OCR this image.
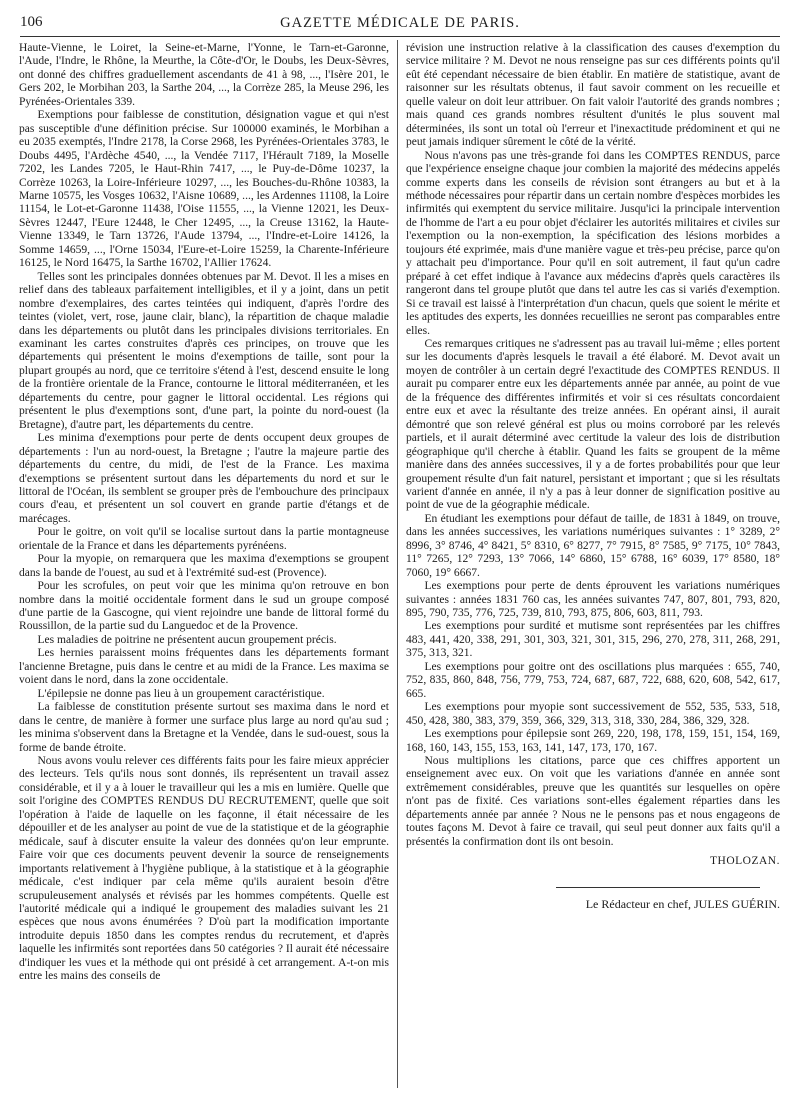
106	GAZETTE MÉDICALE DE PARIS.

Haute-Vienne, le Loiret, la Seine-et-Marne, l'Yonne, le Tarn-et-Garonne, l'Aude, l'Indre, le Rhône, la Meurthe, la Côte-d'Or, le Doubs, les Deux-Sèvres, ont donné des chiffres graduellement ascendants de 41 à 98, ..., l'Isère 201, le Gers 202, le Morbihan 203, la Sarthe 204, ..., la Corrèze 285, la Meuse 296, les Pyrénées-Orientales 339.

Exemptions pour faiblesse de constitution, désignation vague et qui n'est pas susceptible d'une définition précise. Sur 100000 examinés, le Morbihan a eu 2035 exemptés, l'Indre 2178, la Corse 2968, les Pyrénées-Orientales 3783, le Doubs 4495, l'Ardèche 4540, ..., la Vendée 7117, l'Hérault 7189, la Moselle 7202, les Landes 7205, le Haut-Rhin 7417, ..., le Puy-de-Dôme 10237, la Corrèze 10263, la Loire-Inférieure 10297, ..., les Bouches-du-Rhône 10383, la Marne 10575, les Vosges 10632, l'Aisne 10689, ..., les Ardennes 11108, la Loire 11154, le Lot-et-Garonne 11438, l'Oise 11555, ..., la Vienne 12021, les Deux-Sèvres 12447, l'Eure 12448, le Cher 12495, ..., la Creuse 13162, la Haute-Vienne 13349, le Tarn 13726, l'Aude 13794, ..., l'Indre-et-Loire 14126, la Somme 14659, ..., l'Orne 15034, l'Eure-et-Loire 15259, la Charente-Inférieure 16125, le Nord 16475, la Sarthe 16702, l'Allier 17624.

Telles sont les principales données obtenues par M. Devot. Il les a mises en relief dans des tableaux parfaitement intelligibles, et il y a joint, dans un petit nombre d'exemplaires, des cartes teintées qui indiquent, d'après l'ordre des teintes (violet, vert, rose, jaune clair, blanc), la répartition de chaque maladie dans les départements ou plutôt dans les principales divisions territoriales. En examinant les cartes construites d'après ces principes, on trouve que les départements qui présentent le moins d'exemptions de taille, sont pour la plupart groupés au nord, que ce territoire s'étend à l'est, descend ensuite le long de la frontière orientale de la France, contourne le littoral méditerranéen, et les départements du centre, pour gagner le littoral occidental. Les régions qui présentent le plus d'exemptions sont, d'une part, la pointe du nord-ouest (la Bretagne), d'autre part, les départements du centre.

Les minima d'exemptions pour perte de dents occupent deux groupes de départements : l'un au nord-ouest, la Bretagne ; l'autre la majeure partie des départements du centre, du midi, de l'est de la France. Les maxima d'exemptions se présentent surtout dans les départements du nord et sur le littoral de l'Océan, ils semblent se grouper près de l'embouchure des principaux cours d'eau, et présentent un sol couvert en grande partie d'étangs et de marécages.

Pour le goitre, on voit qu'il se localise surtout dans la partie montagneuse orientale de la France et dans les départements pyrénéens.

Pour la myopie, on remarquera que les maxima d'exemptions se groupent dans la bande de l'ouest, au sud et à l'extrémité sud-est (Provence).

Pour les scrofules, on peut voir que les minima qu'on retrouve en bon nombre dans la moitié occidentale forment dans le sud un groupe composé d'une partie de la Gascogne, qui vient rejoindre une bande de littoral formé du Roussillon, de la partie sud du Languedoc et de la Provence.

Les maladies de poitrine ne présentent aucun groupement précis.

Les hernies paraissent moins fréquentes dans les départements formant l'ancienne Bretagne, puis dans le centre et au midi de la France. Les maxima se voient dans le nord, dans la zone occidentale.

L'épilepsie ne donne pas lieu à un groupement caractéristique.

La faiblesse de constitution présente surtout ses maxima dans le nord et dans le centre, de manière à former une surface plus large au nord qu'au sud ; les minima s'observent dans la Bretagne et la Vendée, dans le sud-ouest, sous la forme de bande étroite.

Nous avons voulu relever ces différents faits pour les faire mieux apprécier des lecteurs. Tels qu'ils nous sont donnés, ils représentent un travail assez considérable, et il y a à louer le travailleur qui les a mis en lumière. Quelle que soit l'origine des COMPTES RENDUS DU RECRUTEMENT, quelle que soit l'opération à l'aide de laquelle on les façonne, il était nécessaire de les dépouiller et de les analyser au point de vue de la statistique et de la géographie médicale, sauf à discuter ensuite la valeur des données qu'on leur emprunte. Faire voir que ces documents peuvent devenir la source de renseignements importants relativement à l'hygiène publique, à la statistique et à la géographie médicale, c'est indiquer par cela même qu'ils auraient besoin d'être scrupuleusement analysés et révisés par les hommes compétents. Quelle est l'autorité médicale qui a indiqué le groupement des maladies suivant les 21 espèces que nous avons énumérées ? D'où part la modification importante introduite depuis 1850 dans les comptes rendus du recrutement, et d'après laquelle les infirmités sont reportées dans 50 catégories ? Il aurait été nécessaire d'indiquer les vues et la méthode qui ont présidé à cet arrangement. A-t-on mis entre les mains des conseils de

révision une instruction relative à la classification des causes d'exemption du service militaire ? M. Devot ne nous renseigne pas sur ces différents points qu'il eût été cependant nécessaire de bien établir. En matière de statistique, avant de raisonner sur les résultats obtenus, il faut savoir comment on les recueille et quelle valeur on doit leur attribuer. On fait valoir l'autorité des grands nombres ; mais quand ces grands nombres résultent d'unités le plus souvent mal déterminées, ils sont un total où l'erreur et l'inexactitude prédominent et qui ne peut jamais indiquer sûrement le côté de la vérité.

Nous n'avons pas une très-grande foi dans les COMPTES RENDUS, parce que l'expérience enseigne chaque jour combien la majorité des médecins appelés comme experts dans les conseils de révision sont étrangers au but et à la méthode nécessaires pour répartir dans un certain nombre d'espèces morbides les infirmités qui exemptent du service militaire. Jusqu'ici la principale intervention de l'homme de l'art a eu pour objet d'éclairer les autorités militaires et civiles sur l'exemption ou la non-exemption, la spécification des lésions morbides a toujours été exprimée, mais d'une manière vague et très-peu précise, parce qu'on y attachait peu d'importance. Pour qu'il en soit autrement, il faut qu'un cadre préparé à cet effet indique à l'avance aux médecins d'après quels caractères ils rangeront dans tel groupe plutôt que dans tel autre les cas si variés d'exemption. Si ce travail est laissé à l'interprétation d'un chacun, quels que soient le mérite et les aptitudes des experts, les données recueillies ne seront pas comparables entre elles.

Ces remarques critiques ne s'adressent pas au travail lui-même ; elles portent sur les documents d'après lesquels le travail a été élaboré. M. Devot avait un moyen de contrôler à un certain degré l'exactitude des COMPTES RENDUS. Il aurait pu comparer entre eux les départements année par année, au point de vue de la fréquence des différentes infirmités et voir si ces résultats concordaient entre eux et avec la résultante des treize années. En opérant ainsi, il aurait démontré que son relevé général est plus ou moins corroboré par les relevés partiels, et il aurait déterminé avec certitude la valeur des lois de distribution géographique qu'il cherche à établir. Quand les faits se groupent de la même manière dans des années successives, il y a de fortes probabilités pour que leur groupement résulte d'un fait naturel, persistant et important ; que si les résultats varient d'année en année, il n'y a pas à leur donner de signification positive au point de vue de la géographie médicale.

En étudiant les exemptions pour défaut de taille, de 1831 à 1849, on trouve, dans les années successives, les variations numériques suivantes : 1° 3289, 2° 8996, 3° 8746, 4° 8421, 5° 8310, 6° 8277, 7° 7915, 8° 7585, 9° 7175, 10° 7843, 11° 7265, 12° 7293, 13° 7066, 14° 6860, 15° 6788, 16° 6039, 17° 8580, 18° 7060, 19° 6667.

Les exemptions pour perte de dents éprouvent les variations numériques suivantes : années 1831 760 cas, les années suivantes 747, 807, 801, 793, 820, 895, 790, 735, 776, 725, 739, 810, 793, 875, 806, 603, 811, 793.

Les exemptions pour surdité et mutisme sont représentées par les chiffres 483, 441, 420, 338, 291, 301, 303, 321, 301, 315, 296, 270, 278, 311, 268, 291, 375, 313, 321.

Les exemptions pour goitre ont des oscillations plus marquées : 655, 740, 752, 835, 860, 848, 756, 779, 753, 724, 687, 687, 722, 688, 620, 608, 542, 617, 665.

Les exemptions pour myopie sont successivement de 552, 535, 533, 518, 450, 428, 380, 383, 379, 359, 366, 329, 313, 318, 330, 284, 386, 329, 328.

Les exemptions pour épilepsie sont 269, 220, 198, 178, 159, 151, 154, 169, 168, 160, 143, 155, 153, 163, 141, 147, 173, 170, 167.

Nous multiplions les citations, parce que ces chiffres apportent un enseignement avec eux. On voit que les variations d'année en année sont extrêmement considérables, preuve que les quantités sur lesquelles on opère n'ont pas de fixité. Ces variations sont-elles également réparties dans les départements année par année ? Nous ne le pensons pas et nous engageons de toutes façons M. Devot à faire ce travail, qui seul peut donner aux faits qu'il a présentés la confirmation dont ils ont besoin.

THOLOZAN.

Le Rédacteur en chef, JULES GUÉRIN.
